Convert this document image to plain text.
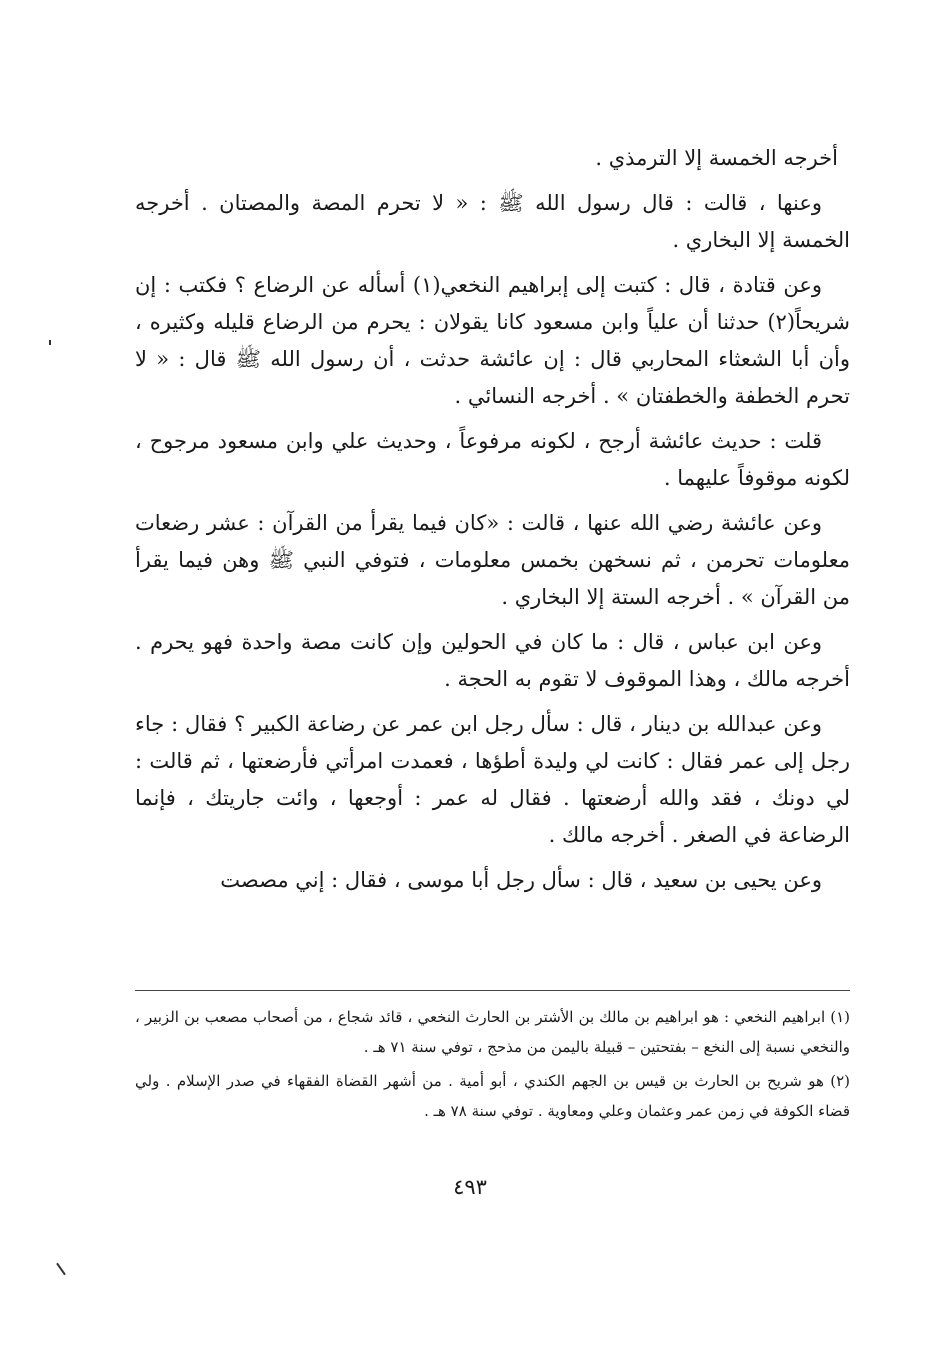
أخرجه الخمسة إلا الترمذي .

وعنها ، قالت : قال رسول الله ﷺ : « لا تحرم المصة والمصتان . أخرجه الخمسة إلا البخاري .

وعن قتادة ، قال : كتبت إلى إبراهيم النخعي(١) أسأله عن الرضاع ؟ فكتب : إن شريحاً(٢) حدثنا أن علياً وابن مسعود كانا يقولان : يحرم من الرضاع قليله وكثيره ، وأن أبا الشعثاء المحاربي قال : إن عائشة حدثت ، أن رسول الله ﷺ قال : « لا تحرم الخطفة والخطفتان » . أخرجه النسائي .

قلت : حديث عائشة أرجح ، لكونه مرفوعاً ، وحديث علي وابن مسعود مرجوح ، لكونه موقوفاً عليهما .

وعن عائشة رضي الله عنها ، قالت : «كان فيما يقرأ من القرآن : عشر رضعات معلومات تحرمن ، ثم نسخهن بخمس معلومات ، فتوفي النبي ﷺ وهن فيما يقرأ من القرآن » . أخرجه الستة إلا البخاري .

وعن ابن عباس ، قال : ما كان في الحولين وإن كانت مصة واحدة فهو يحرم . أخرجه مالك ، وهذا الموقوف لا تقوم به الحجة .

وعن عبدالله بن دينار ، قال : سأل رجل ابن عمر عن رضاعة الكبير ؟ فقال : جاء رجل إلى عمر فقال : كانت لي وليدة أطؤها ، فعمدت امرأتي فأرضعتها ، ثم قالت : لي دونك ، فقد والله أرضعتها . فقال له عمر : أوجعها ، وائت جاريتك ، فإنما الرضاعة في الصغر . أخرجه مالك .

وعن يحيى بن سعيد ، قال : سأل رجل أبا موسى ، فقال : إني مصصت

(١) ابراهيم النخعي : هو ابراهيم بن مالك بن الأشتر بن الحارث النخعي ، قائد شجاع ، من أصحاب مصعب بن الزبير ، والنخعي نسبة إلى النخع – بفتحتين – قبيلة باليمن من مذحج ، توفي سنة ٧١ هـ .

(٢) هو شريح بن الحارث بن قيس بن الجهم الكندي ، أبو أمية . من أشهر القضاة الفقهاء في صدر الإسلام . ولي قضاء الكوفة في زمن عمر وعثمان وعلي ومعاوية . توفي سنة ٧٨ هـ .

٤٩٣
